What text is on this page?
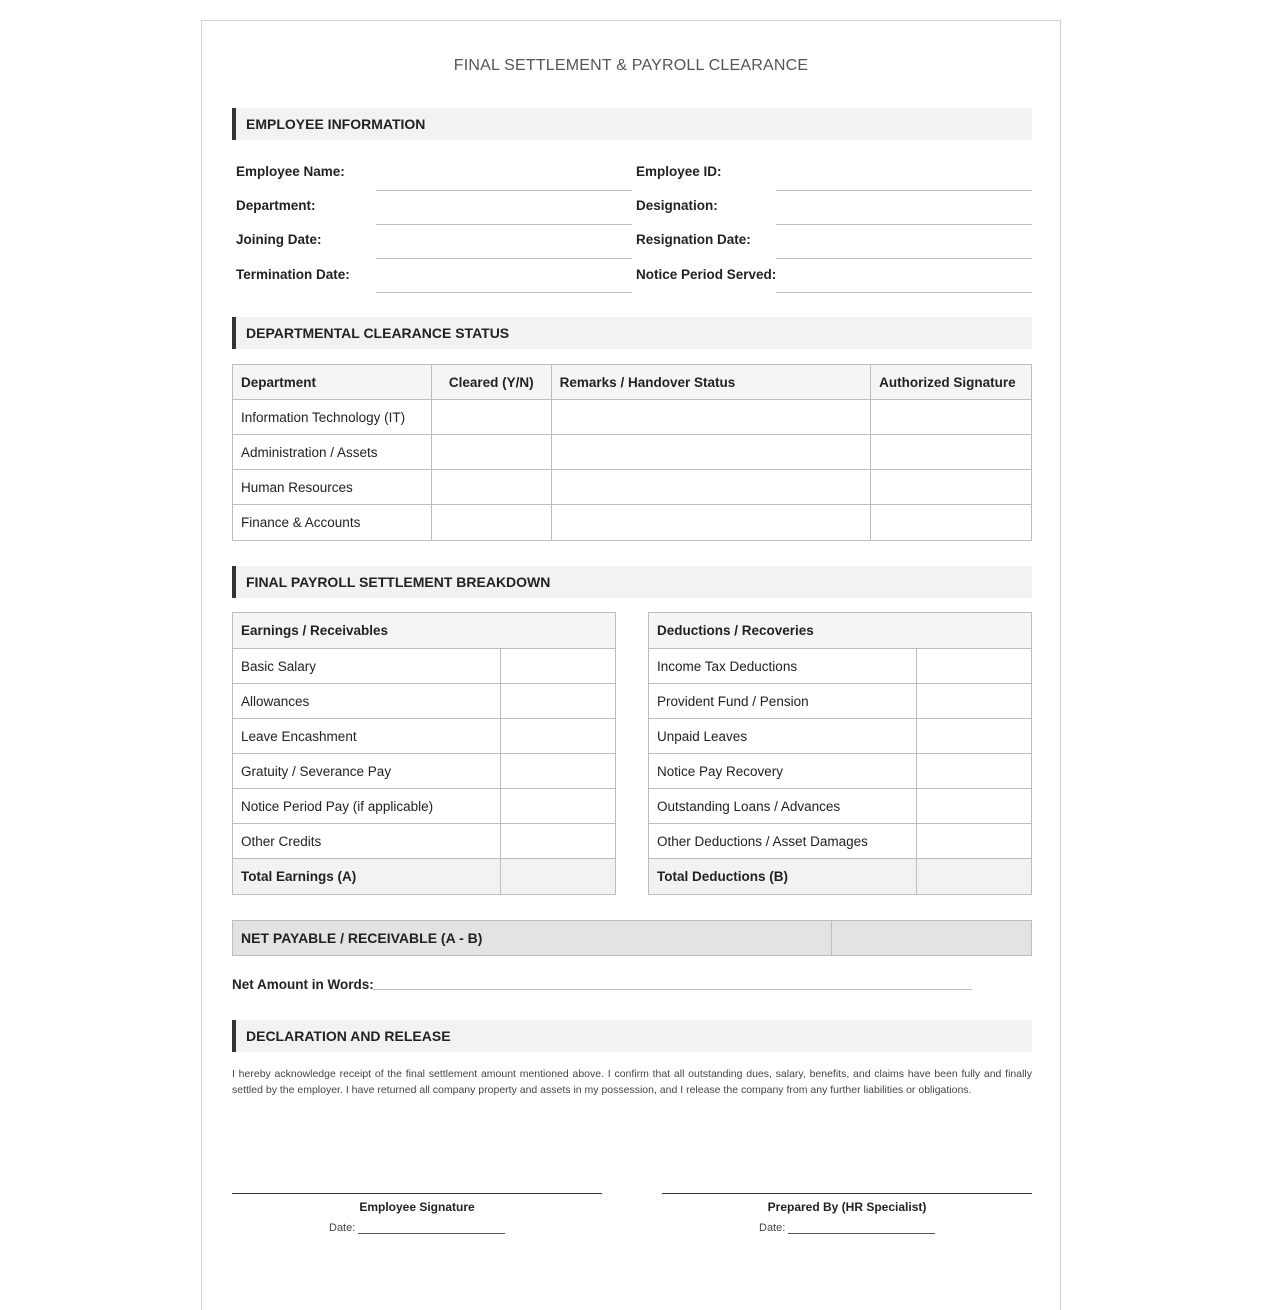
FINAL SETTLEMENT & PAYROLL CLEARANCE
EMPLOYEE INFORMATION
Employee Name:	Employee ID:
Department:	Designation:
Joining Date:	Resignation Date:
Termination Date:	Notice Period Served:
DEPARTMENTAL CLEARANCE STATUS
Department	Cleared (Y/N)	Remarks / Handover Status	Authorized Signature
Information Technology (IT)			
Administration / Assets			
Human Resources			
Finance & Accounts			
FINAL PAYROLL SETTLEMENT BREAKDOWN
Earnings / Receivables	
Basic Salary	
Allowances	
Leave Encashment	
Gratuity / Severance Pay	
Notice Period Pay (if applicable)	
Other Credits	
Total Earnings (A)	
Deductions / Recoveries	
Income Tax Deductions	
Provident Fund / Pension	
Unpaid Leaves	
Notice Pay Recovery	
Outstanding Loans / Advances	
Other Deductions / Asset Damages	
Total Deductions (B)	
NET PAYABLE / RECEIVABLE (A - B)
Net Amount in Words:
DECLARATION AND RELEASE
I hereby acknowledge receipt of the final settlement amount mentioned above. I confirm that all outstanding dues, salary, benefits, and claims have been fully and finally settled by the employer. I have returned all company property and assets in my possession, and I release the company from any further liabilities or obligations.
Employee Signature
Date:
Prepared By (HR Specialist)
Date:
